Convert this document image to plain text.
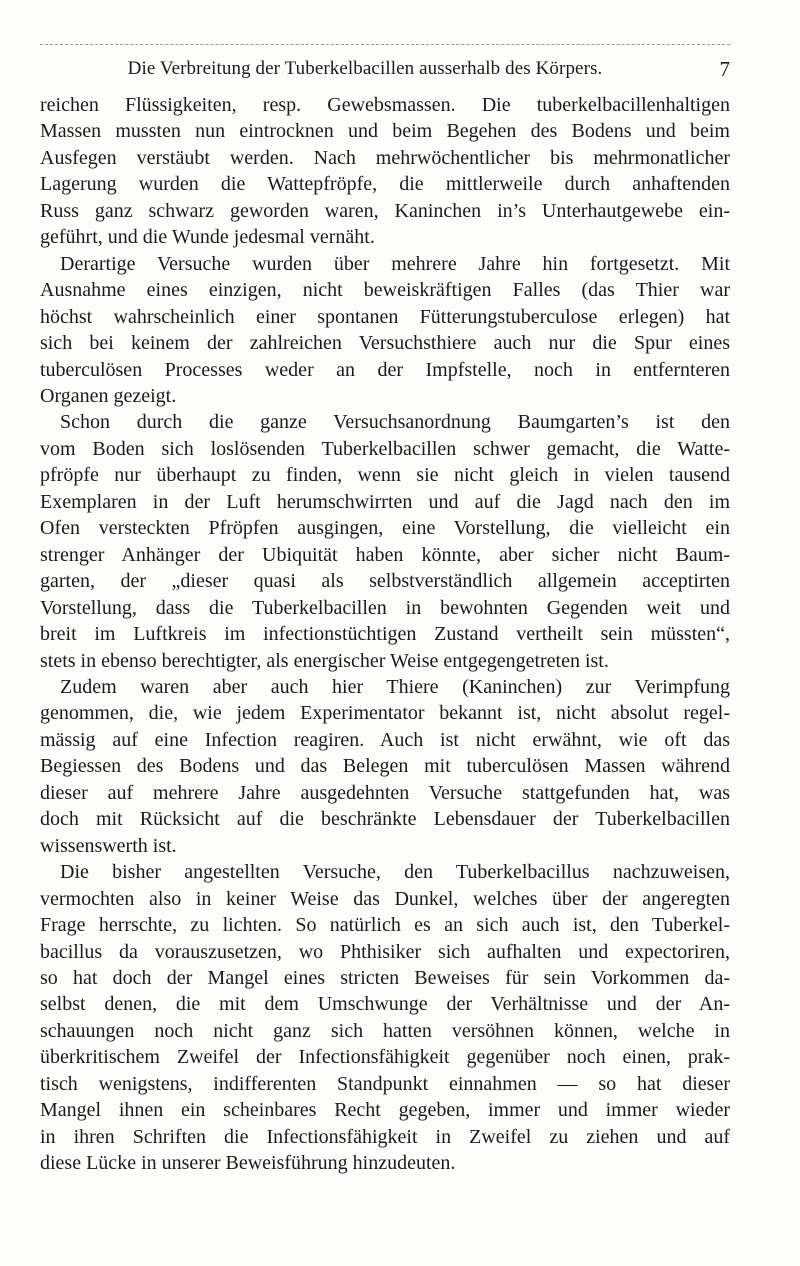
Die Verbreitung der Tuberkelbacillen ausserhalb des Körpers.	7
reichen Flüssigkeiten, resp. Gewebsmassen. Die tuberkelbacillenhaltigen
Massen mussten nun eintrocknen und beim Begehen des Bodens und beim
Ausfegen verstäubt werden. Nach mehrwöchentlicher bis mehrmonatlicher
Lagerung wurden die Wattepfröpfe, die mittlerweile durch anhaftenden
Russ ganz schwarz geworden waren, Kaninchen in’s Unterhautgewebe ein-
geführt, und die Wunde jedesmal vernäht.
Derartige Versuche wurden über mehrere Jahre hin fortgesetzt. Mit
Ausnahme eines einzigen, nicht beweiskräftigen Falles (das Thier war
höchst wahrscheinlich einer spontanen Fütterungstuberculose erlegen) hat
sich bei keinem der zahlreichen Versuchsthiere auch nur die Spur eines
tuberculösen Processes weder an der Impfstelle, noch in entfernteren
Organen gezeigt.
Schon durch die ganze Versuchsanordnung Baumgarten’s ist den
vom Boden sich loslösenden Tuberkelbacillen schwer gemacht, die Watte-
pfröpfe nur überhaupt zu finden, wenn sie nicht gleich in vielen tausend
Exemplaren in der Luft herumschwirrten und auf die Jagd nach den im
Ofen versteckten Pfröpfen ausgingen, eine Vorstellung, die vielleicht ein
strenger Anhänger der Ubiquität haben könnte, aber sicher nicht Baum-
garten, der „dieser quasi als selbstverständlich allgemein acceptirten
Vorstellung, dass die Tuberkelbacillen in bewohnten Gegenden weit und
breit im Luftkreis im infectionstüchtigen Zustand vertheilt sein müssten“,
stets in ebenso berechtigter, als energischer Weise entgegengetreten ist.
Zudem waren aber auch hier Thiere (Kaninchen) zur Verimpfung
genommen, die, wie jedem Experimentator bekannt ist, nicht absolut regel-
mässig auf eine Infection reagiren. Auch ist nicht erwähnt, wie oft das
Begiessen des Bodens und das Belegen mit tuberculösen Massen während
dieser auf mehrere Jahre ausgedehnten Versuche stattgefunden hat, was
doch mit Rücksicht auf die beschränkte Lebensdauer der Tuberkelbacillen
wissenswerth ist.
Die bisher angestellten Versuche, den Tuberkelbacillus nachzuweisen,
vermochten also in keiner Weise das Dunkel, welches über der angeregten
Frage herrschte, zu lichten. So natürlich es an sich auch ist, den Tuberkel-
bacillus da vorauszusetzen, wo Phthisiker sich aufhalten und expectoriren,
so hat doch der Mangel eines stricten Beweises für sein Vorkommen da-
selbst denen, die mit dem Umschwunge der Verhältnisse und der An-
schauungen noch nicht ganz sich hatten versöhnen können, welche in
überkritischem Zweifel der Infectionsfähigkeit gegenüber noch einen, prak-
tisch wenigstens, indifferenten Standpunkt einnahmen — so hat dieser
Mangel ihnen ein scheinbares Recht gegeben, immer und immer wieder
in ihren Schriften die Infectionsfähigkeit in Zweifel zu ziehen und auf
diese Lücke in unserer Beweisführung hinzudeuten.
